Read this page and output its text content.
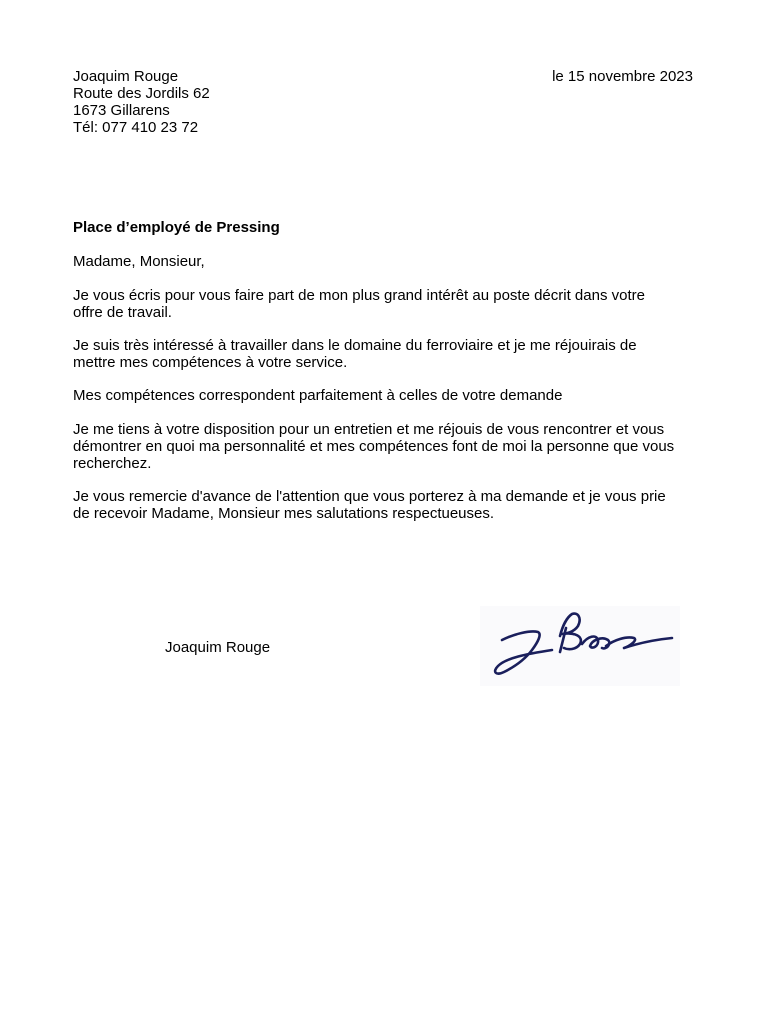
Joaquim Rouge
Route des Jordils 62
1673 Gillarens
Tél: 077 410 23 72
le 15 novembre 2023
Place d’employé de Pressing
Madame, Monsieur,
Je vous écris pour vous faire part de mon plus grand intérêt au poste décrit dans votre
offre de travail.
Je suis très intéressé à travailler dans le domaine du ferroviaire et je me réjouirais de
mettre mes compétences à votre service.
Mes compétences correspondent parfaitement à celles de votre demande
Je me tiens à votre disposition pour un entretien et me réjouis de vous rencontrer et vous
démontrer en quoi ma personnalité et mes compétences font de moi la personne que vous
recherchez.
Je vous remercie d'avance de l'attention que vous porterez à ma demande et je vous prie
de recevoir Madame, Monsieur mes salutations respectueuses.
Joaquim Rouge
